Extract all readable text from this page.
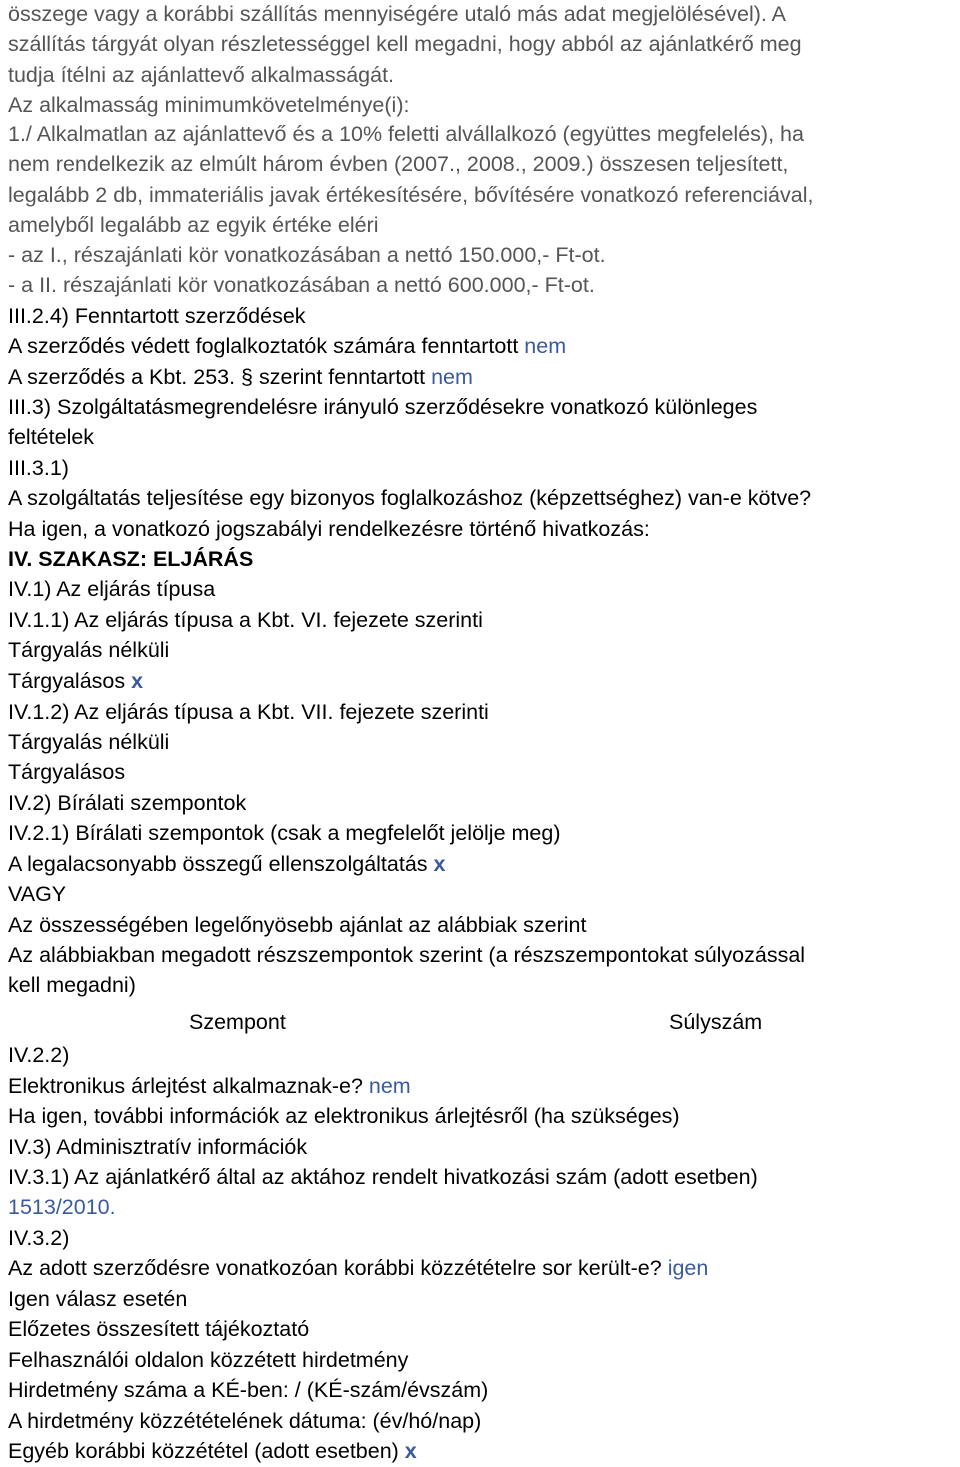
összege vagy a korábbi szállítás mennyiségére utaló más adat megjelölésével). A
szállítás tárgyát olyan részletességgel kell megadni, hogy abból az ajánlatkérő meg
tudja ítélni az ajánlattevő alkalmasságát.
Az alkalmasság minimumkövetelménye(i):
1./ Alkalmatlan az ajánlattevő és a 10% feletti alvállalkozó (együttes megfelelés), ha
nem rendelkezik az elmúlt három évben (2007., 2008., 2009.) összesen teljesített,
legalább 2 db, immateriális javak értékesítésére, bővítésére vonatkozó referenciával,
amelyből legalább az egyik értéke eléri
- az I., részajánlati kör vonatkozásában a nettó 150.000,- Ft-ot.
- a II. részajánlati kör vonatkozásában a nettó 600.000,- Ft-ot.
III.2.4) Fenntartott szerződések
A szerződés védett foglalkoztatók számára fenntartott nem
A szerződés a Kbt. 253. § szerint fenntartott nem
III.3) Szolgáltatásmegrendelésre irányuló szerződésekre vonatkozó különleges
feltételek
III.3.1)
A szolgáltatás teljesítése egy bizonyos foglalkozáshoz (képzettséghez) van-e kötve?
Ha igen, a vonatkozó jogszabályi rendelkezésre történő hivatkozás:
IV. SZAKASZ: ELJÁRÁS
IV.1) Az eljárás típusa
IV.1.1) Az eljárás típusa a Kbt. VI. fejezete szerinti
Tárgyalás nélküli
Tárgyalásos x
IV.1.2) Az eljárás típusa a Kbt. VII. fejezete szerinti
Tárgyalás nélküli
Tárgyalásos
IV.2) Bírálati szempontok
IV.2.1) Bírálati szempontok (csak a megfelelőt jelölje meg)
A legalacsonyabb összegű ellenszolgáltatás x
VAGY
Az összességében legelőnyösebb ajánlat az alábbiak szerint
Az alábbiakban megadott részszempontok szerint (a részszempontokat súlyozással
kell megadni)
IV.2.2)
Elektronikus árlejtést alkalmaznak-e? nem
Ha igen, további információk az elektronikus árlejtésről (ha szükséges)
IV.3) Adminisztratív információk
IV.3.1) Az ajánlatkérő által az aktához rendelt hivatkozási szám (adott esetben)
1513/2010.
IV.3.2)
Az adott szerződésre vonatkozóan korábbi közzétételre sor került-e? igen
Igen válasz esetén
Előzetes összesített tájékoztató
Felhasználói oldalon közzétett hirdetmény
Hirdetmény száma a KÉ-ben: / (KÉ-szám/évszám)
A hirdetmény közzétételének dátuma: (év/hó/nap)
Egyéb korábbi közzététel (adott esetben) x
Szempont	Súlyszám
